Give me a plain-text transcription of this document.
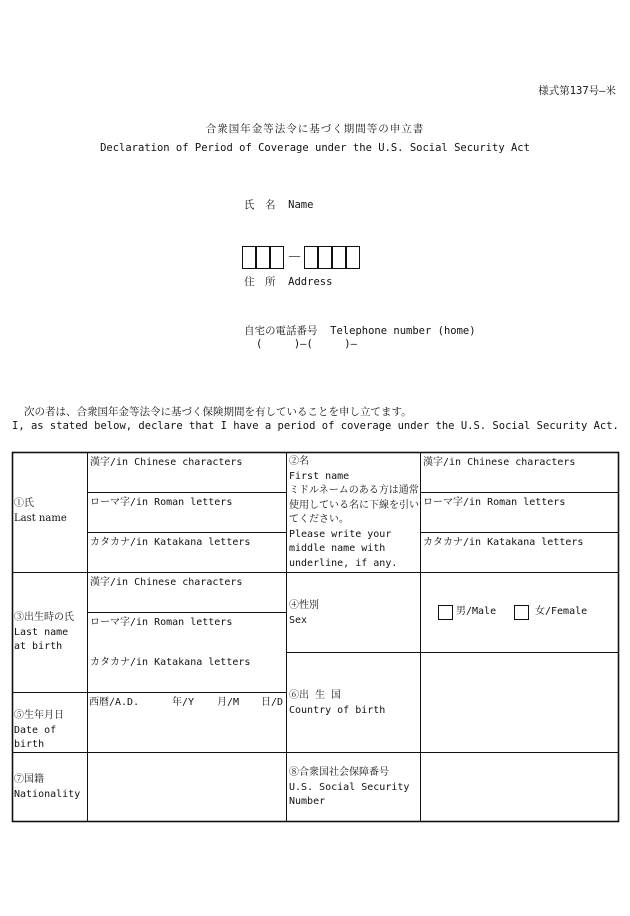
様式第137号―米
合衆国年金等法令に基づく期間等の申立書
Declaration of Period of Coverage under the U.S. Social Security Act
氏　名 Name
－
住　所 Address
自宅の電話番号 Telephone number (home)
(　　　)―(　　　)―
次の者は、合衆国年金等法令に基づく保険期間を有していることを申し立てます。
I, as stated below, declare that I have a period of coverage under the U.S. Social Security Act.
①氏
Last name
漢字/in Chinese characters
ローマ字/in Roman letters
カタカナ/in Katakana letters
②名
First name
ミドルネームのある方は通常使用している名に下線を引いてください。
Please write your middle name with underline, if any.
漢字/in Chinese characters
ローマ字/in Roman letters
カタカナ/in Katakana letters
③出生時の氏
Last name at birth
漢字/in Chinese characters
ローマ字/in Roman letters
カタカナ/in Katakana letters
④性別
Sex
男/Male	女/Female
⑤生年月日
Date of birth
西暦/A.D.	年/Y 月/M 日/D
⑥出 生 国
Country of birth
⑦国籍
Nationality
⑧合衆国社会保障番号
U.S. Social Security Number
